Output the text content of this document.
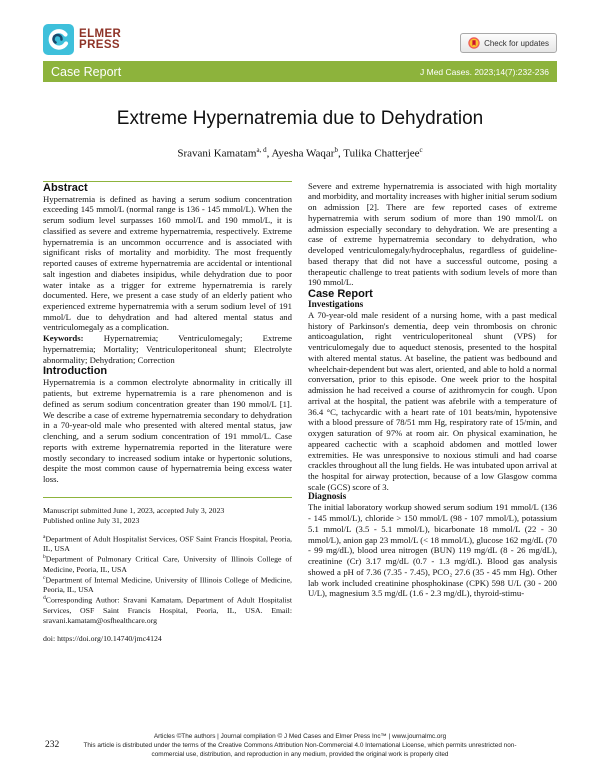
ELMER
PRESS	Check for updates
Case Report	J Med Cases. 2023;14(7):232-236
Extreme Hypernatremia due to Dehydration
Sravani Kamatam$^{a, d}$, Ayesha Waqar$^b$, Tulika Chatterjee$^c$
Abstract

Hypernatremia is defined as having a serum sodium concentration exceeding 145 mmol/L (normal range is 136 - 145 mmol/L). When the serum sodium level surpasses 160 mmol/L and 190 mmol/L, it is classified as severe and extreme hypernatremia, respectively. Extreme hypernatremia is an uncommon occurrence and is associated with significant risks of mortality and morbidity. The most frequently reported causes of extreme hypernatremia are accidental or intentional salt ingestion and diabetes insipidus, while dehydration due to poor water intake as a trigger for extreme hypernatremia is rarely documented. Here, we present a case study of an elderly patient who experienced extreme hypernatremia with a serum sodium level of 191 mmol/L due to dehydration and had altered mental status and ventriculomegaly as a complication.

Keywords: Hypernatremia; Ventriculomegaly; Extreme hypernatremia; Mortality; Ventriculoperitoneal shunt; Electrolyte abnormality; Dehydration; Correction

Introduction

Hypernatremia is a common electrolyte abnormality in critically ill patients, but extreme hypernatremia is a rare phenomenon and is defined as serum sodium concentration greater than 190 mmol/L [1]. We describe a case of extreme hypernatremia secondary to dehydration in a 70-year-old male who presented with altered mental status, jaw clenching, and a serum sodium concentration of 191 mmol/L. Case reports with extreme hypernatremia reported in the literature were mostly secondary to increased sodium intake or hypertonic solutions, despite the most common cause of hypernatremia being excess water loss.

Manuscript submitted June 1, 2023, accepted July 3, 2023

Published online July 31, 2023

$^a$Department of Adult Hospitalist Services, OSF Saint Francis Hospital, Peoria, IL, USA

$^b$Department of Pulmonary Critical Care, University of Illinois College of Medicine, Peoria, IL, USA

$^c$Department of Internal Medicine, University of Illinois College of Medicine, Peoria, IL, USA

$^d$Corresponding Author: Sravani Kamatam, Department of Adult Hospitalist Services, OSF Saint Francis Hospital, Peoria, IL, USA. Email: sravani.kamatam@osfhealthcare.org

doi: https://doi.org/10.14740/jmc4124

Severe and extreme hypernatremia is associated with high mortality and morbidity, and mortality increases with higher initial serum sodium on admission [2]. There are few reported cases of extreme hypernatremia with serum sodium of more than 190 mmol/L on admission especially secondary to dehydration. We are presenting a case of extreme hypernatremia secondary to dehydration, who developed ventriculomegaly/hydrocephalus, regardless of guideline-based therapy that did not have a successful outcome, posing a therapeutic challenge to treat patients with sodium levels of more than 190 mmol/L.

Case Report
Investigations

A 70-year-old male resident of a nursing home, with a past medical history of Parkinson's dementia, deep vein thrombosis on chronic anticoagulation, right ventriculoperitoneal shunt (VPS) for ventriculomegaly due to aqueduct stenosis, presented to the hospital with altered mental status. At baseline, the patient was bedbound and wheelchair-dependent but was alert, oriented, and able to hold a normal conversation, prior to this episode. One week prior to the hospital admission he had received a course of azithromycin for cough. Upon arrival at the hospital, the patient was afebrile with a temperature of 36.4 °C, tachycardic with a heart rate of 101 beats/min, hypotensive with a blood pressure of 78/51 mm Hg, respiratory rate of 15/min, and oxygen saturation of 97% at room air. On physical examination, he appeared cachectic with a scaphoid abdomen and mottled lower extremities. He was unresponsive to noxious stimuli and had coarse crackles throughout all the lung fields. He was intubated upon arrival at the hospital for airway protection, because of a low Glasgow comma scale (GCS) score of 3.

Diagnosis

The initial laboratory workup showed serum sodium 191 mmol/L (136 - 145 mmol/L), chloride > 150 mmol/L (98 - 107 mmol/L), potassium 5.1 mmol/L (3.5 - 5.1 mmol/L), bicarbonate 18 mmol/L (22 - 30 mmol/L), anion gap 23 mmol/L (< 18 mmol/L), glucose 162 mg/dL (70 - 99 mg/dL), blood urea nitrogen (BUN) 119 mg/dL (8 - 26 mg/dL), creatinine (Cr) 3.17 mg/dL (0.7 - 1.3 mg/dL). Blood gas analysis showed a pH of 7.36 (7.35 - 7.45), PCO₂ 27.6 (35 - 45 mm Hg). Other lab work included creatinine phosphokinase (CPK) 598 U/L (30 - 200 U/L), magnesium 3.5 mg/dL (1.6 - 2.3 mg/dL), thyroid-stimu-

232

Articles ©The authors | Journal compilation © J Med Cases and Elmer Press Inc™ | www.journalmc.org

This article is distributed under the terms of the Creative Commons Attribution Non-Commercial 4.0 International License, which permits unrestricted non-commercial use, distribution, and reproduction in any medium, provided the original work is properly cited
